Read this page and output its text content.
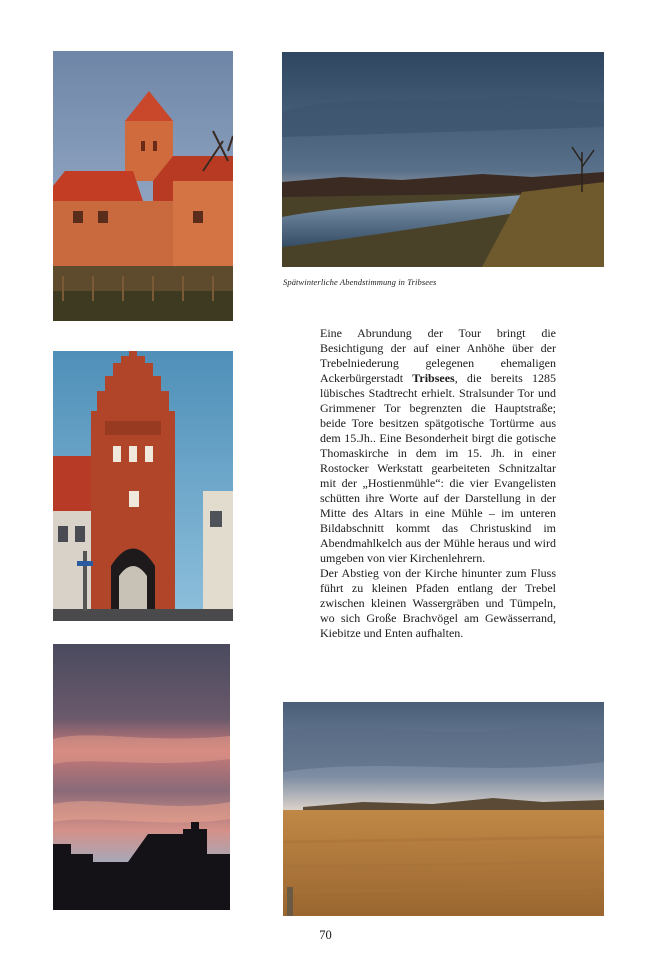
Spätwinterliche Abendstimmung in Tribsees

Eine Abrundung der Tour bringt die Besichtigung der auf einer Anhöhe über der Trebelniederung gelegenen ehemaligen Ackerbürgerstadt Tribsees, die bereits 1285 lübisches Stadtrecht erhielt. Stralsunder Tor und Grimmener Tor begrenzten die Hauptstraße; beide Tore besitzen spätgotische Tortürme aus dem 15.Jh.. Eine Besonderheit birgt die gotische Thomaskirche in dem im 15. Jh. in einer Rostocker Werkstatt gearbeiteten Schnitzaltar mit der „Hostienmühle“: die vier Evangelisten schütten ihre Worte auf der Darstellung in der Mitte des Altars in eine Mühle – im unteren Bildabschnitt kommt das Christuskind im Abendmahlkelch aus der Mühle heraus und wird umgeben von vier Kirchenlehrern.

Der Abstieg von der Kirche hinunter zum Fluss führt zu kleinen Pfaden entlang der Trebel zwischen kleinen Wassergräben und Tümpeln, wo sich Große Brachvögel am Gewässerrand, Kiebitze und Enten aufhalten.

70
